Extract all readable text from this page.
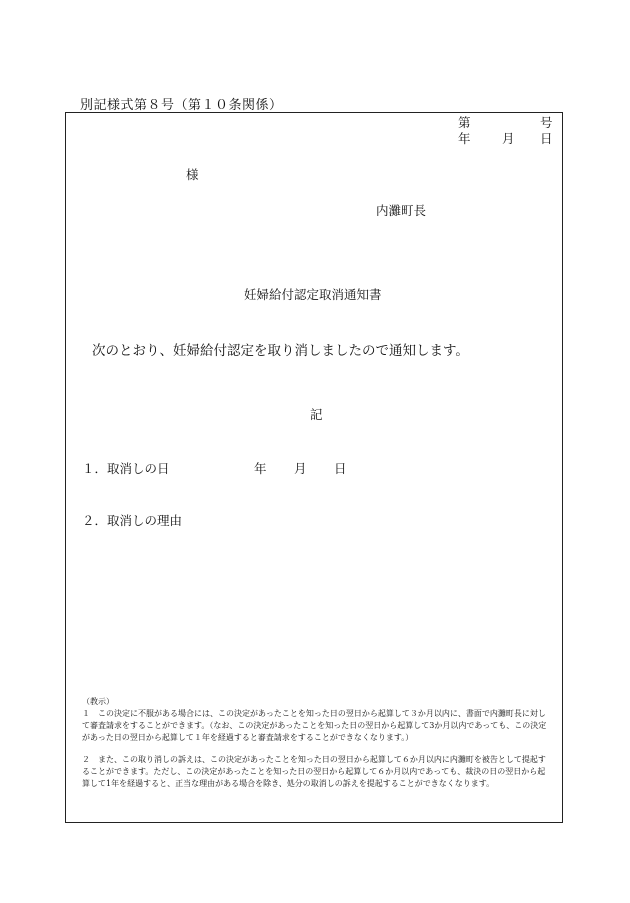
別記様式第８号（第１０条関係）
第	号
年	月 日
様
内灘町長
妊婦給付認定取消通知書
次のとおり、妊婦給付認定を取り消しましたので通知します。
記
１．取消しの日	年 月 日
２．取消しの理由

（教示）

１　この決定に不服がある場合には、この決定があったことを知った日の翌日から起算して３か月以内に、書面で内灘町長に対して審査請求をすることができます。（なお、この決定があったことを知った日の翌日から起算して3か月以内であっても、この決定があった日の翌日から起算して１年を経過すると審査請求をすることができなくなります。）

２　また、この取り消しの訴えは、この決定があったことを知った日の翌日から起算して６か月以内に内灘町を被告として提起することができます。ただし、この決定があったことを知った日の翌日から起算して６か月以内であっても、裁決の日の翌日から起算して1年を経過すると、正当な理由がある場合を除き、処分の取消しの訴えを提起することができなくなります。
